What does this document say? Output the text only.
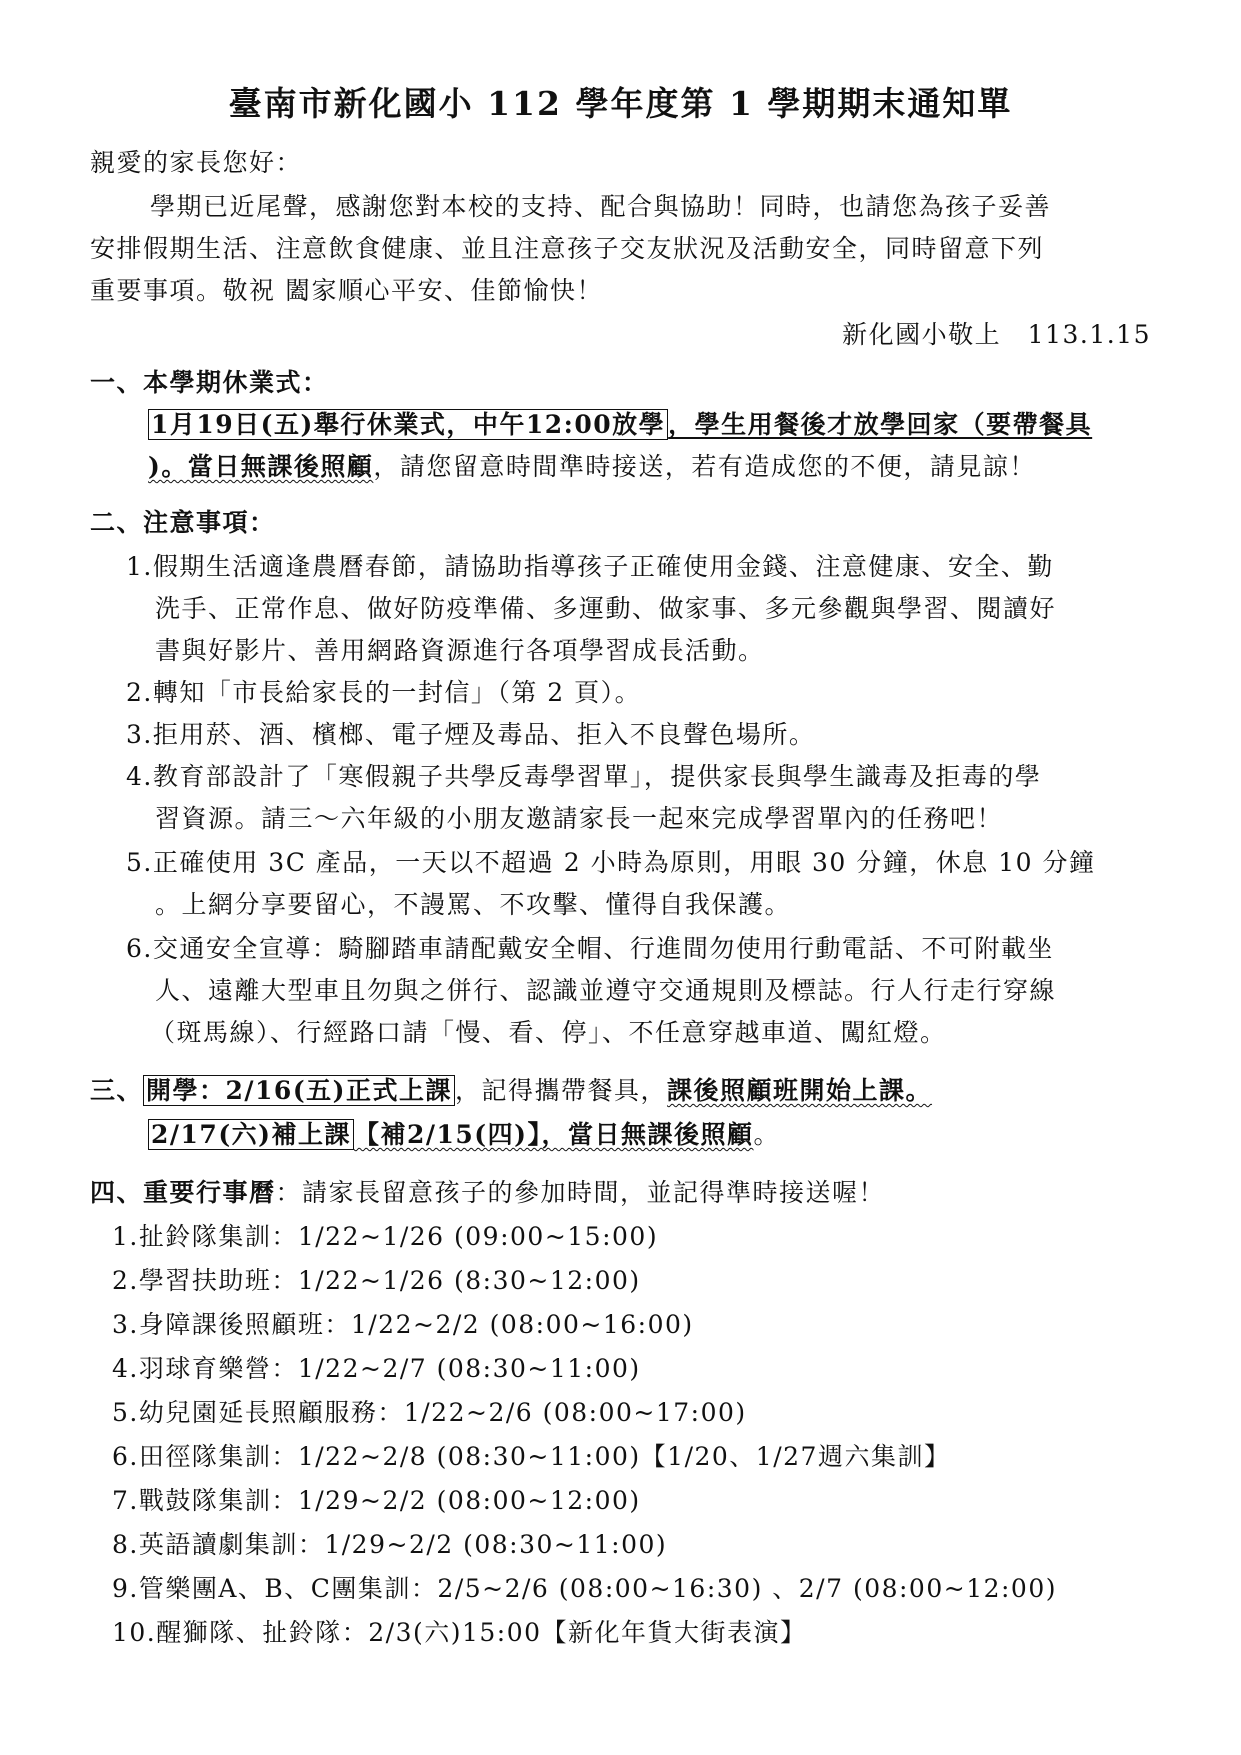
臺南市新化國小 112 學年度第 1 學期期末通知單
親愛的家長您好：
學期已近尾聲，感謝您對本校的支持、配合與協助！同時，也請您為孩子妥善
安排假期生活、注意飲食健康、並且注意孩子交友狀況及活動安全，同時留意下列
重要事項。敬祝 闔家順心平安、佳節愉快！
新化國小敬上　113.1.15
一、本學期休業式：
1月19日(五)舉行休業式，中午12:00放學 ，學生用餐後才放學回家（要帶餐具
)。當日無課後照顧，請您留意時間準時接送，若有造成您的不便，請見諒！
二、注意事項：
1.假期生活適逢農曆春節，請協助指導孩子正確使用金錢、注意健康、安全、勤
洗手、正常作息、做好防疫準備、多運動、做家事、多元參觀與學習、閱讀好
書與好影片、善用網路資源進行各項學習成長活動。
2.轉知「市長給家長的一封信」（第 2 頁）。
3.拒用菸、酒、檳榔、電子煙及毒品、拒入不良聲色場所。
4.教育部設計了「寒假親子共學反毒學習單」，提供家長與學生識毒及拒毒的學
習資源。請三～六年級的小朋友邀請家長一起來完成學習單內的任務吧！
5.正確使用 3C 產品，一天以不超過 2 小時為原則，用眼 30 分鐘，休息 10 分鐘
。上網分享要留心，不謾罵、不攻擊、懂得自我保護。
6.交通安全宣導：騎腳踏車請配戴安全帽、行進間勿使用行動電話、不可附載坐
人、遠離大型車且勿與之併行、認識並遵守交通規則及標誌。行人行走行穿線
（斑馬線）、行經路口請「慢、看、停」、不任意穿越車道、闖紅燈。
三、 開學：2/16(五)正式上課 ，記得攜帶餐具，課後照顧班開始上課。
2/17(六)補上課 【補2/15(四)】，當日無課後照顧。
四、重要行事曆：請家長留意孩子的參加時間，並記得準時接送喔！
1.扯鈴隊集訓：1/22~1/26 (09:00~15:00)
2.學習扶助班：1/22~1/26 (8:30~12:00)
3.身障課後照顧班：1/22~2/2 (08:00~16:00)
4.羽球育樂營：1/22~2/7 (08:30~11:00)
5.幼兒園延長照顧服務：1/22~2/6 (08:00~17:00)
6.田徑隊集訓：1/22~2/8 (08:30~11:00)【1/20、1/27週六集訓】
7.戰鼓隊集訓：1/29~2/2 (08:00~12:00)
8.英語讀劇集訓：1/29~2/2 (08:30~11:00)
9.管樂團A、B、C團集訓：2/5~2/6 (08:00~16:30) 、2/7 (08:00~12:00)
10.醒獅隊、扯鈴隊：2/3(六)15:00【新化年貨大街表演】
